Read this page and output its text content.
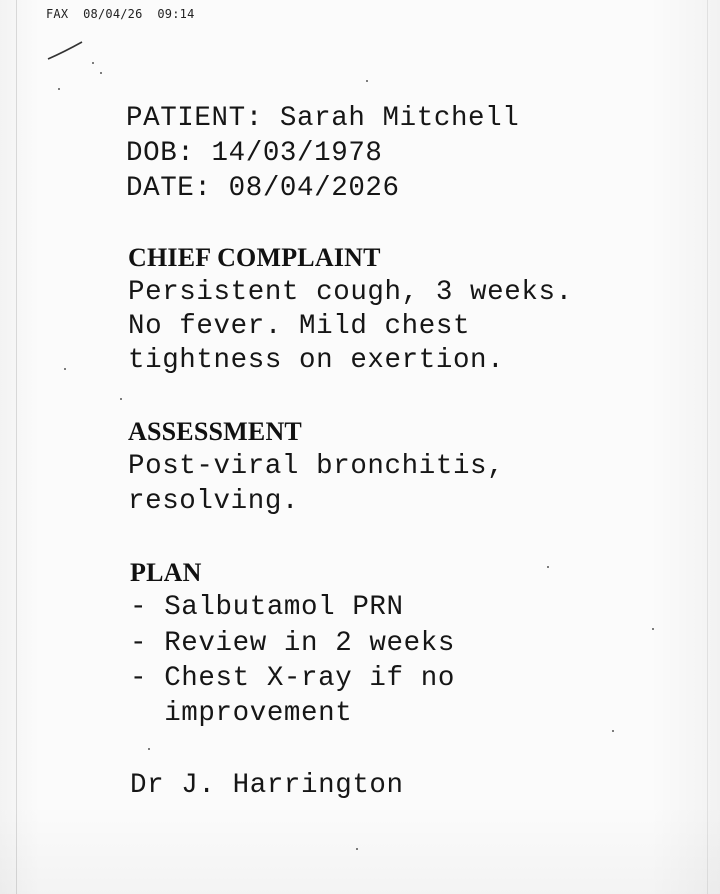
FAX  08/04/26  09:14
PATIENT: Sarah Mitchell
DOB: 14/03/1978
DATE: 08/04/2026
CHIEF COMPLAINT
Persistent cough, 3 weeks.
No fever. Mild chest
tightness on exertion.
ASSESSMENT
Post-viral bronchitis,
resolving.
PLAN
- Salbutamol PRN
- Review in 2 weeks
- Chest X-ray if no
improvement
Dr J. Harrington
